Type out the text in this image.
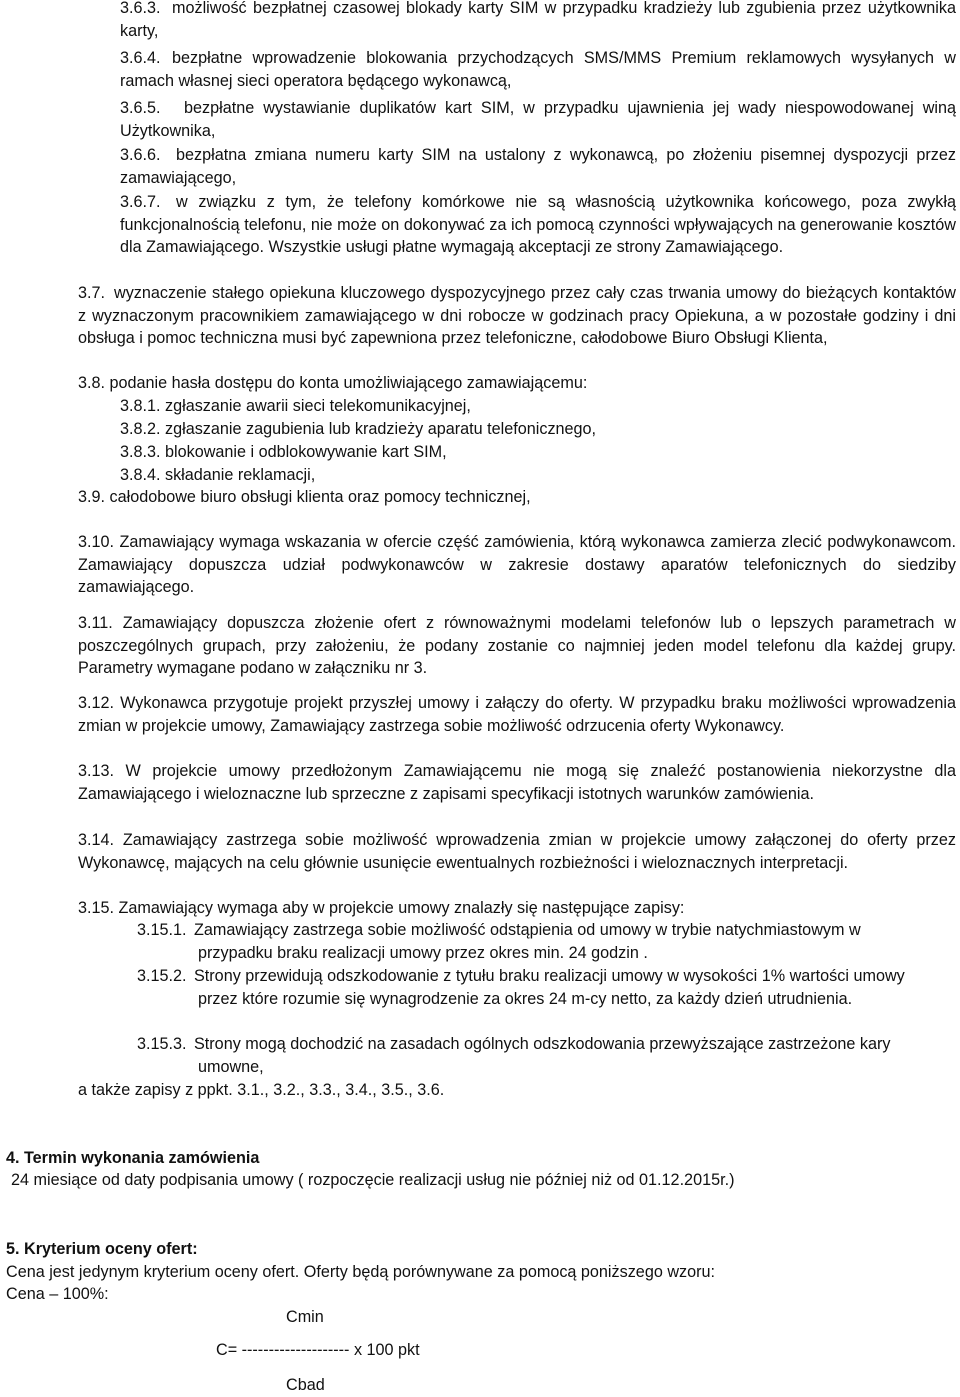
3.6.3. możliwość bezpłatnej czasowej blokady karty SIM w przypadku kradzieży lub zgubienia przez użytkownika karty,
3.6.4. bezpłatne wprowadzenie blokowania przychodzących SMS/MMS Premium reklamowych wysyłanych w ramach własnej sieci operatora będącego wykonawcą,
3.6.5.	bezpłatne wystawianie duplikatów kart SIM, w przypadku ujawnienia jej wady niespowodowanej winą Użytkownika,
3.6.6. bezpłatna zmiana numeru karty SIM na ustalony z wykonawcą, po złożeniu pisemnej dyspozycji przez zamawiającego,
3.6.7. w związku z tym, że telefony komórkowe nie są własnością użytkownika końcowego, poza zwykłą funkcjonalnością telefonu, nie może on dokonywać za ich pomocą czynności wpływających na generowanie kosztów dla Zamawiającego. Wszystkie usługi płatne wymagają akceptacji ze strony Zamawiającego.
3.7. wyznaczenie stałego opiekuna kluczowego dyspozycyjnego przez cały czas trwania umowy do bieżących kontaktów z wyznaczonym pracownikiem zamawiającego w dni robocze w godzinach pracy Opiekuna, a w pozostałe godziny i dni obsługa i pomoc techniczna musi być zapewniona przez telefoniczne, całodobowe Biuro Obsługi Klienta,
3.8. podanie hasła dostępu do konta umożliwiającego zamawiającemu:
3.8.1. zgłaszanie awarii sieci telekomunikacyjnej,
3.8.2. zgłaszanie zagubienia lub kradzieży aparatu telefonicznego,
3.8.3. blokowanie i odblokowywanie kart SIM,
3.8.4. składanie reklamacji,
3.9. całodobowe biuro obsługi klienta oraz pomocy technicznej,
3.10. Zamawiający wymaga wskazania w ofercie część zamówienia, którą wykonawca zamierza zlecić podwykonawcom. Zamawiający dopuszcza udział podwykonawców w zakresie dostawy aparatów telefonicznych do siedziby zamawiającego.
3.11. Zamawiający dopuszcza złożenie ofert z równoważnymi modelami telefonów lub o lepszych parametrach w poszczególnych grupach, przy założeniu, że podany zostanie co najmniej jeden model telefonu dla każdej grupy. Parametry wymagane podano w załączniku nr 3.
3.12. Wykonawca przygotuje projekt przyszłej umowy i załączy do oferty. W przypadku braku możliwości wprowadzenia zmian w projekcie umowy, Zamawiający zastrzega sobie możliwość odrzucenia oferty Wykonawcy.
3.13. W projekcie umowy przedłożonym Zamawiającemu nie mogą się znaleźć postanowienia niekorzystne dla Zamawiającego i wieloznaczne lub sprzeczne z zapisami specyfikacji istotnych warunków zamówienia.
3.14. Zamawiający zastrzega sobie możliwość wprowadzenia zmian w projekcie umowy załączonej do oferty przez Wykonawcę, mających na celu głównie usunięcie ewentualnych rozbieżności i wieloznacznych interpretacji.
3.15. Zamawiający wymaga aby w projekcie umowy znalazły się następujące zapisy:
3.15.1. Zamawiający zastrzega sobie możliwość odstąpienia od umowy w trybie natychmiastowym w przypadku braku realizacji umowy przez okres min. 24 godzin .
3.15.2. Strony przewidują odszkodowanie z tytułu braku realizacji umowy w wysokości 1% wartości umowy przez które rozumie się wynagrodzenie za okres 24 m-cy netto, za każdy dzień utrudnienia.
3.15.3. Strony mogą dochodzić na zasadach ogólnych odszkodowania przewyższające zastrzeżone kary umowne,
a także zapisy z ppkt. 3.1., 3.2., 3.3., 3.4., 3.5., 3.6.
4. Termin wykonania zamówienia
24 miesiące od daty podpisania umowy ( rozpoczęcie realizacji usług nie później niż od 01.12.2015r.)
5. Kryterium oceny ofert:
Cena jest jedynym kryterium oceny ofert. Oferty będą porównywane za pomocą poniższego wzoru:
Cena – 100%:
Cmin
C= -------------------- x 100 pkt
Cbad
